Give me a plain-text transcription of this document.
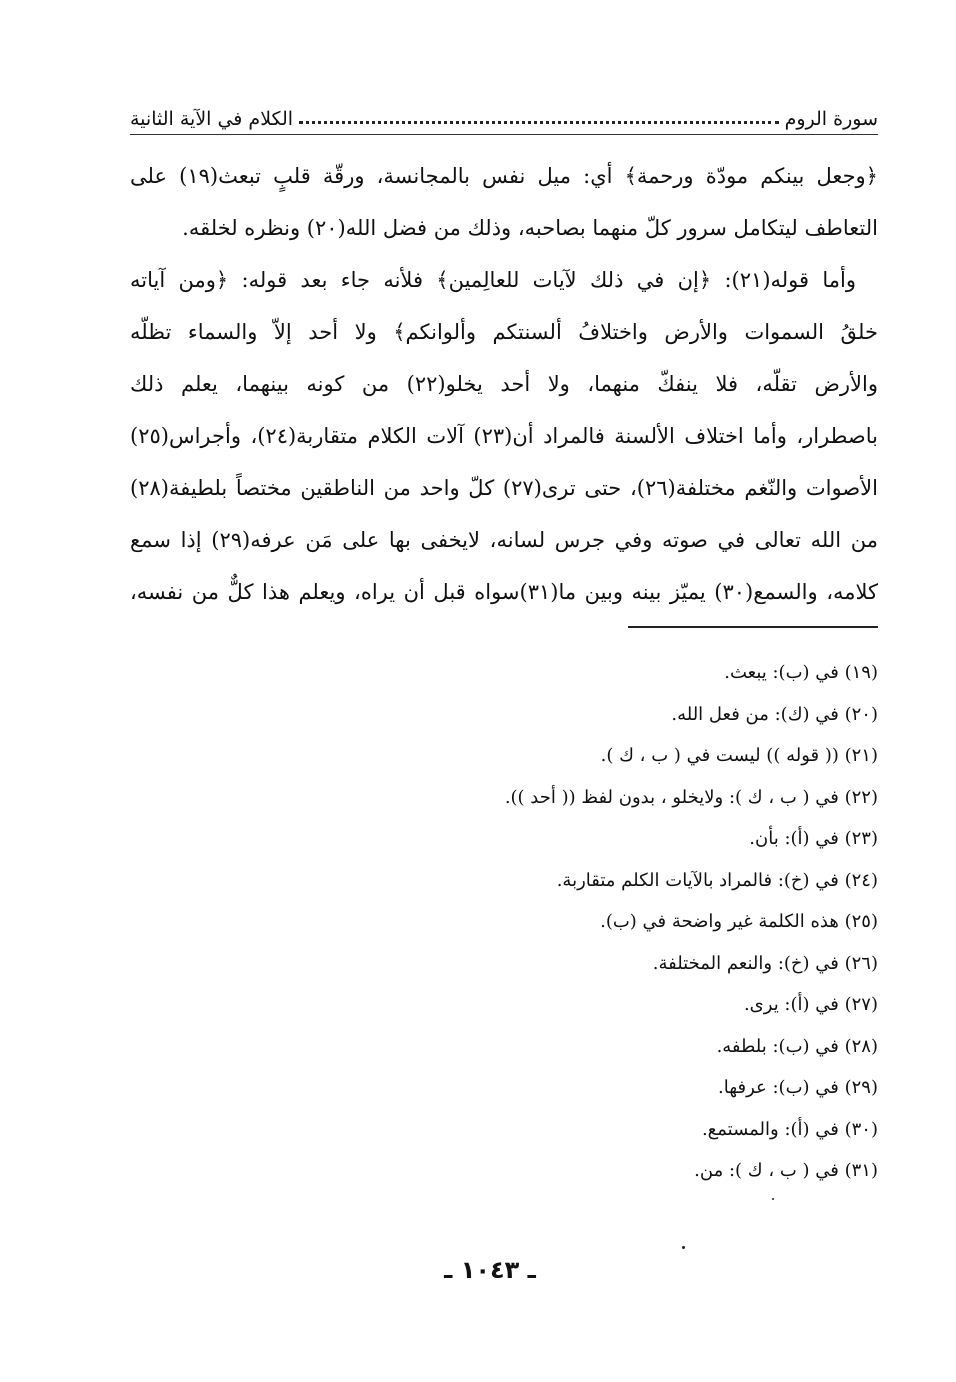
سورة الروم
الكلام في الآية الثانية
﴿وجعل بينكم مودّة ورحمة﴾ أي: ميل نفس بالمجانسة، ورقّة قلبٍ تبعث(١٩) على
التعاطف ليتكامل سرور كلّ منهما بصاحبه، وذلك من فضل الله(٢٠) ونظره لخلقه.
وأما قوله(٢١): ﴿إن في ذلك لآيات للعالِمين﴾ فلأنه جاء بعد قوله: ﴿ومن آياته
خلقُ السموات والأرض واختلافُ ألسنتكم وألوانكم﴾ ولا أحد إلاّ والسماء تظلّه
والأرض تقلّه، فلا ينفكّ منهما، ولا أحد يخلو(٢٢) من كونه بينهما، يعلم ذلك
باصطرار، وأما اختلاف الألسنة فالمراد أن(٢٣) آلات الكلام متقاربة(٢٤)، وأجراس(٢٥)
الأصوات والنّغم مختلفة(٢٦)، حتى ترى(٢٧) كلّ واحد من الناطقين مختصاً بلطيفة(٢٨)
من الله تعالى في صوته وفي جرس لسانه، لايخفى بها على مَن عرفه(٢٩) إذا سمع
كلامه، والسمع(٣٠) يميّز بينه وبين ما(٣١)سواه قبل أن يراه، ويعلم هذا كلٌّ من نفسه،
(١٩) في (ب): يبعث.
(٢٠) في (ك): من فعل الله.
(٢١) (( قوله )) ليست في ( ب ، ك ).
(٢٢) في ( ب ، ك ): ولايخلو ، بدون لفظ (( أحد )).
(٢٣) في (أ): بأن.
(٢٤) في (خ): فالمراد بالآيات الكلم متقاربة.
(٢٥) هذه الكلمة غير واضحة في (ب).
(٢٦) في (خ): والنعم المختلفة.
(٢٧) في (أ): يرى.
(٢٨) في (ب): بلطفه.
(٢٩) في (ب): عرفها.
(٣٠) في (أ): والمستمع.
(٣١) في ( ب ، ك ): من.
ـ ١٠٤٣ ـ
